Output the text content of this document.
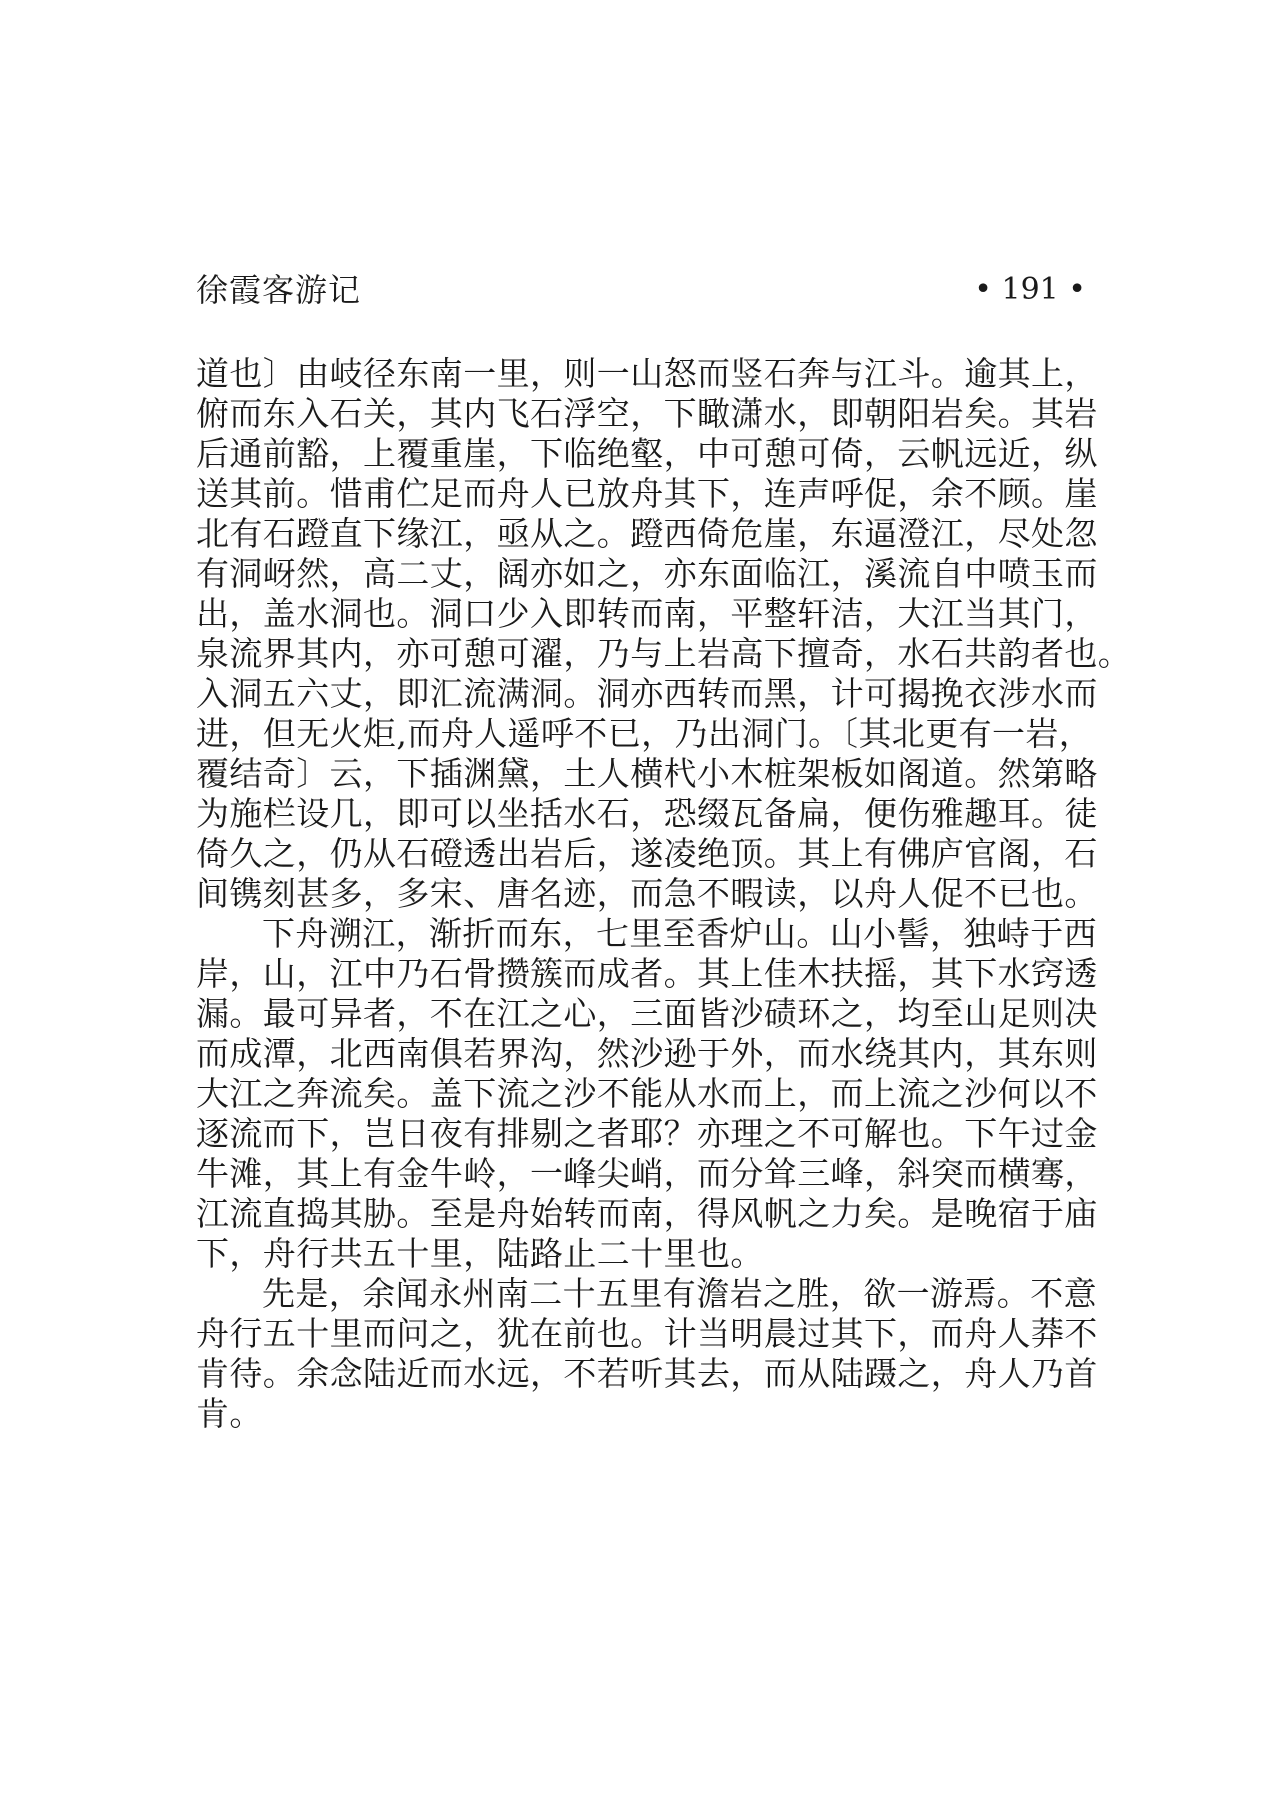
徐霞客游记	• 191 •
道也〕由岐径东南一里，则一山怒而竖石奔与江斗。逾其上，
俯而东入石关，其内飞石浮空，下瞰潇水，即朝阳岩矣。其岩
后通前豁，上覆重崖，下临绝壑，中可憩可倚，云帆远近，纵
送其前。惜甫伫足而舟人已放舟其下，连声呼促，余不顾。崖
北有石蹬直下缘江，亟从之。蹬西倚危崖，东逼澄江，尽处忽
有洞岈然，高二丈，阔亦如之，亦东面临江，溪流自中喷玉而
出，盖水洞也。洞口少入即转而南，平整轩洁，大江当其门，
泉流界其内，亦可憩可濯，乃与上岩高下擅奇，水石共韵者也。
入洞五六丈，即汇流满洞。洞亦西转而黑，计可揭挽衣涉水而
进，但无火炬,而舟人遥呼不已，乃出洞门。〔其北更有一岩，
覆结奇〕云，下插渊黛，土人横杙小木桩架板如阁道。然第略
为施栏设几，即可以坐括水石，恐缀瓦备扁，便伤雅趣耳。徒
倚久之，仍从石磴透出岩后，遂凌绝顶。其上有佛庐官阁，石
间镌刻甚多，多宋、唐名迹，而急不暇读，以舟人促不已也。
下舟溯江，渐折而东，七里至香炉山。山小髻，独峙于西
岸，山，江中乃石骨攒簇而成者。其上佳木扶摇，其下水窍透
漏。最可异者，不在江之心，三面皆沙碛环之，均至山足则决
而成潭，北西南俱若界沟，然沙逊于外，而水绕其内，其东则
大江之奔流矣。盖下流之沙不能从水而上，而上流之沙何以不
逐流而下，岂日夜有排剔之者耶？亦理之不可解也。下午过金
牛滩，其上有金牛岭，一峰尖峭，而分耸三峰，斜突而横骞，
江流直捣其胁。至是舟始转而南，得风帆之力矣。是晚宿于庙
下，舟行共五十里，陆路止二十里也。
先是，余闻永州南二十五里有澹岩之胜，欲一游焉。不意
舟行五十里而问之，犹在前也。计当明晨过其下，而舟人莽不
肯待。余念陆近而水远，不若听其去，而从陆蹑之，舟人乃首
肯。
